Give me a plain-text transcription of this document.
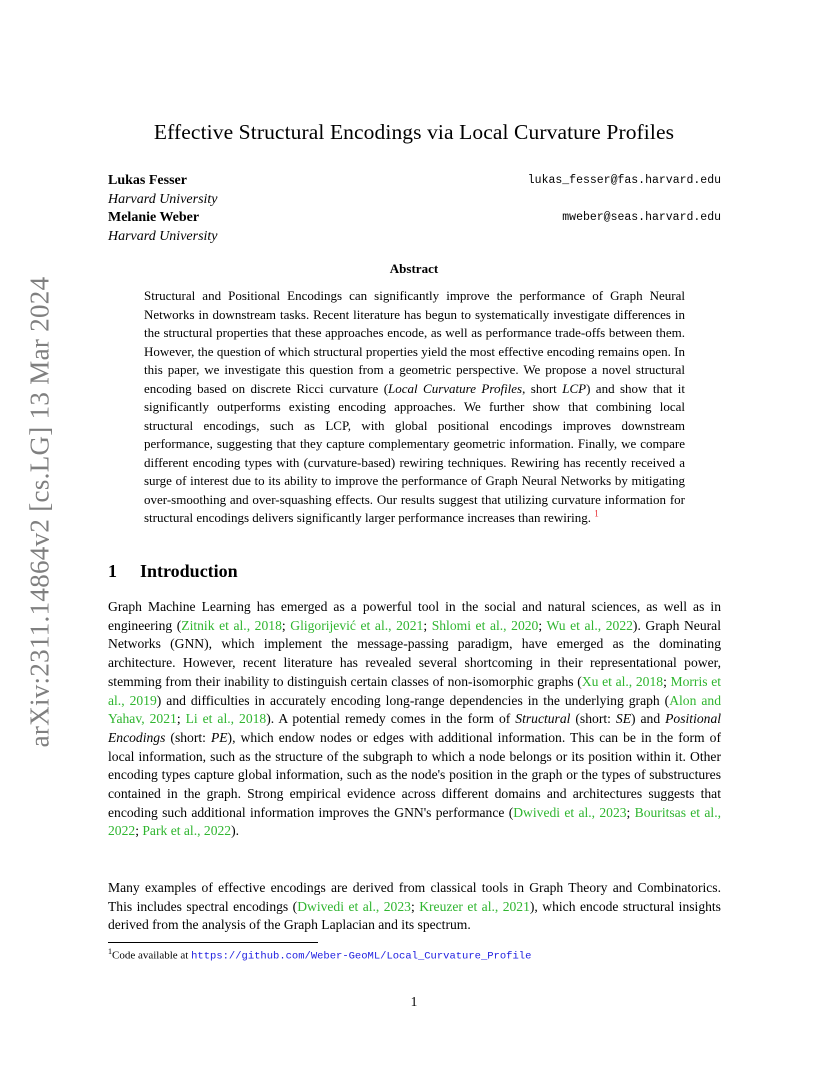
arXiv:2311.14864v2 [cs.LG] 13 Mar 2024
Effective Structural Encodings via Local Curvature Profiles
Lukas Fesser
Harvard University
lukas_fesser@fas.harvard.edu
Melanie Weber
Harvard University
mweber@seas.harvard.edu
Abstract
Structural and Positional Encodings can significantly improve the performance of Graph Neural Networks in downstream tasks. Recent literature has begun to systematically investigate differences in the structural properties that these approaches encode, as well as performance trade-offs between them. However, the question of which structural properties yield the most effective encoding remains open. In this paper, we investigate this question from a geometric perspective. We propose a novel structural encoding based on discrete Ricci curvature (Local Curvature Profiles, short LCP) and show that it significantly outperforms existing encoding approaches. We further show that combining local structural encodings, such as LCP, with global positional encodings improves downstream performance, suggesting that they capture complementary geometric information. Finally, we compare different encoding types with (curvature-based) rewiring techniques. Rewiring has recently received a surge of interest due to its ability to improve the performance of Graph Neural Networks by mitigating over-smoothing and over-squashing effects. Our results suggest that utilizing curvature information for structural encodings delivers significantly larger performance increases than rewiring. $^1$
1 Introduction
Graph Machine Learning has emerged as a powerful tool in the social and natural sciences, as well as in engineering (Zitnik et al., 2018; Gligorijević et al., 2021; Shlomi et al., 2020; Wu et al., 2022). Graph Neural Networks (GNN), which implement the message-passing paradigm, have emerged as the dominating architecture. However, recent literature has revealed several shortcoming in their representational power, stemming from their inability to distinguish certain classes of non-isomorphic graphs (Xu et al., 2018; Morris et al., 2019) and difficulties in accurately encoding long-range dependencies in the underlying graph (Alon and Yahav, 2021; Li et al., 2018). A potential remedy comes in the form of Structural (short: SE) and Positional Encodings (short: PE), which endow nodes or edges with additional information. This can be in the form of local information, such as the structure of the subgraph to which a node belongs or its position within it. Other encoding types capture global information, such as the node's position in the graph or the types of substructures contained in the graph. Strong empirical evidence across different domains and architectures suggests that encoding such additional information improves the GNN's performance (Dwivedi et al., 2023; Bouritsas et al., 2022; Park et al., 2022).
Many examples of effective encodings are derived from classical tools in Graph Theory and Combinatorics. This includes spectral encodings (Dwivedi et al., 2023; Kreuzer et al., 2021), which encode structural insights derived from the analysis of the Graph Laplacian and its spectrum.
$^1$Code available at https://github.com/Weber-GeoML/Local_Curvature_Profile
1
